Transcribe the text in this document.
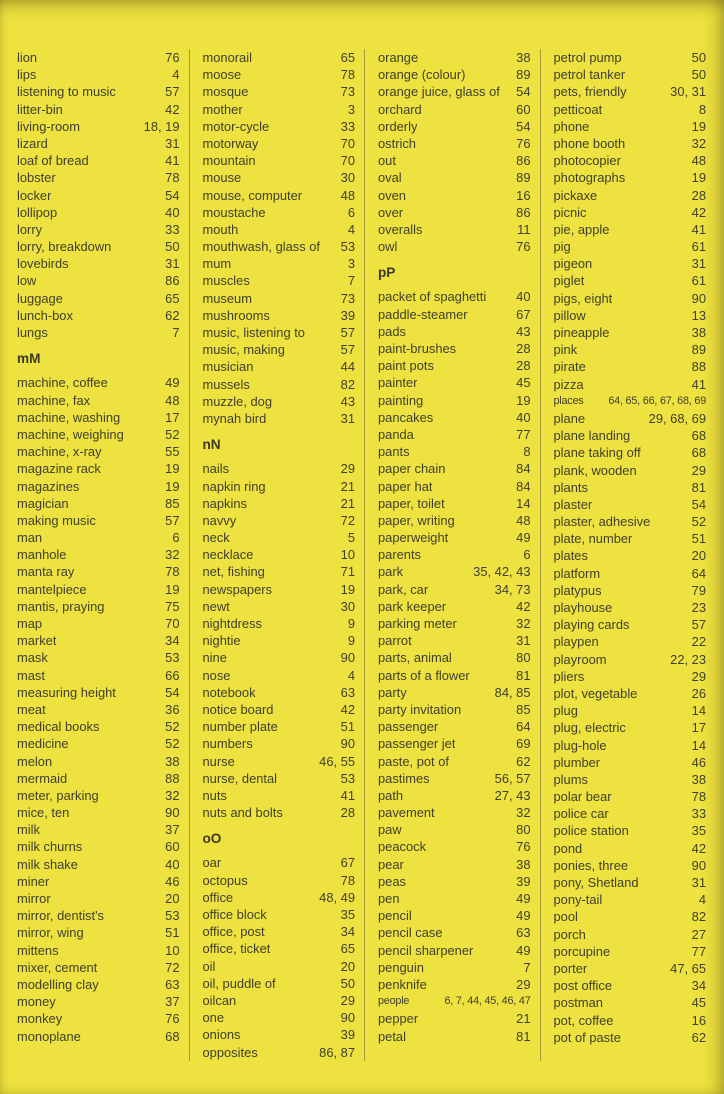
lion	76
lips	4
listening to music	57
litter-bin	42
living-room	18, 19
lizard	31
loaf of bread	41
lobster	78
locker	54
lollipop	40
lorry	33
lorry, breakdown	50
lovebirds	31
low	86
luggage	65
lunch-box	62
lungs	7
mM
machine, coffee	49
machine, fax	48
machine, washing	17
machine, weighing	52
machine, x-ray	55
magazine rack	19
magazines	19
magician	85
making music	57
man	6
manhole	32
manta ray	78
mantelpiece	19
mantis, praying	75
map	70
market	34
mask	53
mast	66
measuring height	54
meat	36
medical books	52
medicine	52
melon	38
mermaid	88
meter, parking	32
mice, ten	90
milk	37
milk churns	60
milk shake	40
miner	46
mirror	20
mirror, dentist's	53
mirror, wing	51
mittens	10
mixer, cement	72
modelling clay	63
money	37
monkey	76
monoplane	68
monorail	65
moose	78
mosque	73
mother	3
motor-cycle	33
motorway	70
mountain	70
mouse	30
mouse, computer	48
moustache	6
mouth	4
mouthwash, glass of	53
mum	3
muscles	7
museum	73
mushrooms	39
music, listening to	57
music, making	57
musician	44
mussels	82
muzzle, dog	43
mynah bird	31
nN
nails	29
napkin ring	21
napkins	21
navvy	72
neck	5
necklace	10
net, fishing	71
newspapers	19
newt	30
nightdress	9
nightie	9
nine	90
nose	4
notebook	63
notice board	42
number plate	51
numbers	90
nurse	46, 55
nurse, dental	53
nuts	41
nuts and bolts	28
oO
oar	67
octopus	78
office	48, 49
office block	35
office, post	34
office, ticket	65
oil	20
oil, puddle of	50
oilcan	29
one	90
onions	39
opposites	86, 87
orange	38
orange (colour)	89
orange juice, glass of	54
orchard	60
orderly	54
ostrich	76
out	86
oval	89
oven	16
over	86
overalls	11
owl	76
pP
packet of spaghetti	40
paddle-steamer	67
pads	43
paint-brushes	28
paint pots	28
painter	45
painting	19
pancakes	40
panda	77
pants	8
paper chain	84
paper hat	84
paper, toilet	14
paper, writing	48
paperweight	49
parents	6
park	35, 42, 43
park, car	34, 73
park keeper	42
parking meter	32
parrot	31
parts, animal	80
parts of a flower	81
party	84, 85
party invitation	85
passenger	64
passenger jet	69
paste, pot of	62
pastimes	56, 57
path	27, 43
pavement	32
paw	80
peacock	76
pear	38
peas	39
pen	49
pencil	49
pencil case	63
pencil sharpener	49
penguin	7
penknife	29
people	6, 7, 44, 45, 46, 47
pepper	21
petal	81
petrol pump	50
petrol tanker	50
pets, friendly	30, 31
petticoat	8
phone	19
phone booth	32
photocopier	48
photographs	19
pickaxe	28
picnic	42
pie, apple	41
pig	61
pigeon	31
piglet	61
pigs, eight	90
pillow	13
pineapple	38
pink	89
pirate	88
pizza	41
places	64, 65, 66, 67, 68, 69
plane	29, 68, 69
plane landing	68
plane taking off	68
plank, wooden	29
plants	81
plaster	54
plaster, adhesive	52
plate, number	51
plates	20
platform	64
platypus	79
playhouse	23
playing cards	57
playpen	22
playroom	22, 23
pliers	29
plot, vegetable	26
plug	14
plug, electric	17
plug-hole	14
plumber	46
plums	38
polar bear	78
police car	33
police station	35
pond	42
ponies, three	90
pony, Shetland	31
pony-tail	4
pool	82
porch	27
porcupine	77
porter	47, 65
post office	34
postman	45
pot, coffee	16
pot of paste	62
